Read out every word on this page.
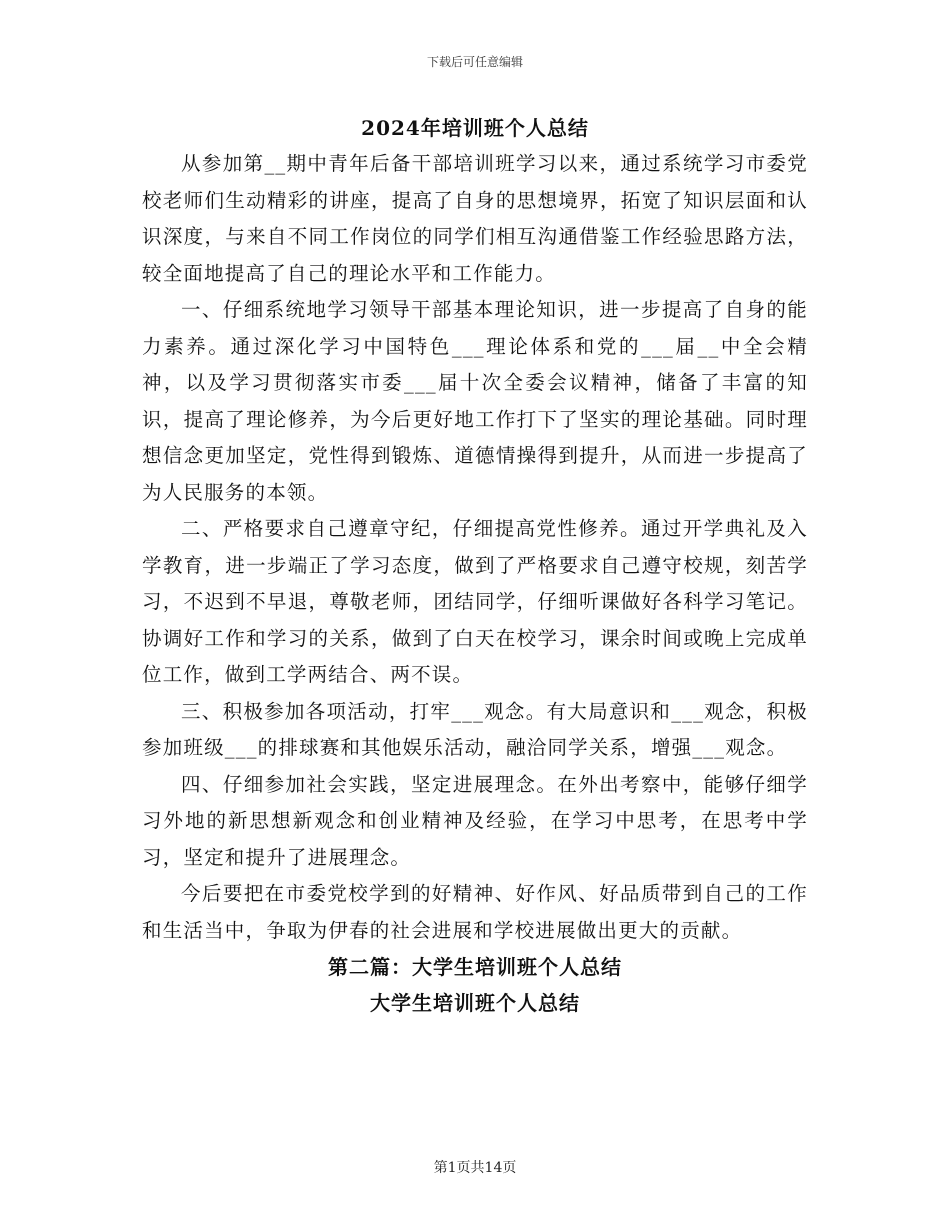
下载后可任意编辑
2024年培训班个人总结

从参加第__期中青年后备干部培训班学习以来，通过系统学习市委党校老师们生动精彩的讲座，提高了自身的思想境界，拓宽了知识层面和认识深度，与来自不同工作岗位的同学们相互沟通借鉴工作经验思路方法，较全面地提高了自己的理论水平和工作能力。

一、仔细系统地学习领导干部基本理论知识，进一步提高了自身的能力素养。通过深化学习中国特色___理论体系和党的___届__中全会精神，以及学习贯彻落实市委___届十次全委会议精神，储备了丰富的知识，提高了理论修养，为今后更好地工作打下了坚实的理论基础。同时理想信念更加坚定，党性得到锻炼、道德情操得到提升，从而进一步提高了为人民服务的本领。

二、严格要求自己遵章守纪，仔细提高党性修养。通过开学典礼及入学教育，进一步端正了学习态度，做到了严格要求自己遵守校规，刻苦学习，不迟到不早退，尊敬老师，团结同学，仔细听课做好各科学习笔记。协调好工作和学习的关系，做到了白天在校学习，课余时间或晚上完成单位工作，做到工学两结合、两不误。

三、积极参加各项活动，打牢___观念。有大局意识和___观念，积极参加班级___的排球赛和其他娱乐活动，融洽同学关系，增强___观念。

四、仔细参加社会实践，坚定进展理念。在外出考察中，能够仔细学习外地的新思想新观念和创业精神及经验，在学习中思考，在思考中学习，坚定和提升了进展理念。

今后要把在市委党校学到的好精神、好作风、好品质带到自己的工作和生活当中，争取为伊春的社会进展和学校进展做出更大的贡献。

第二篇：大学生培训班个人总结

大学生培训班个人总结

第1页共14页
